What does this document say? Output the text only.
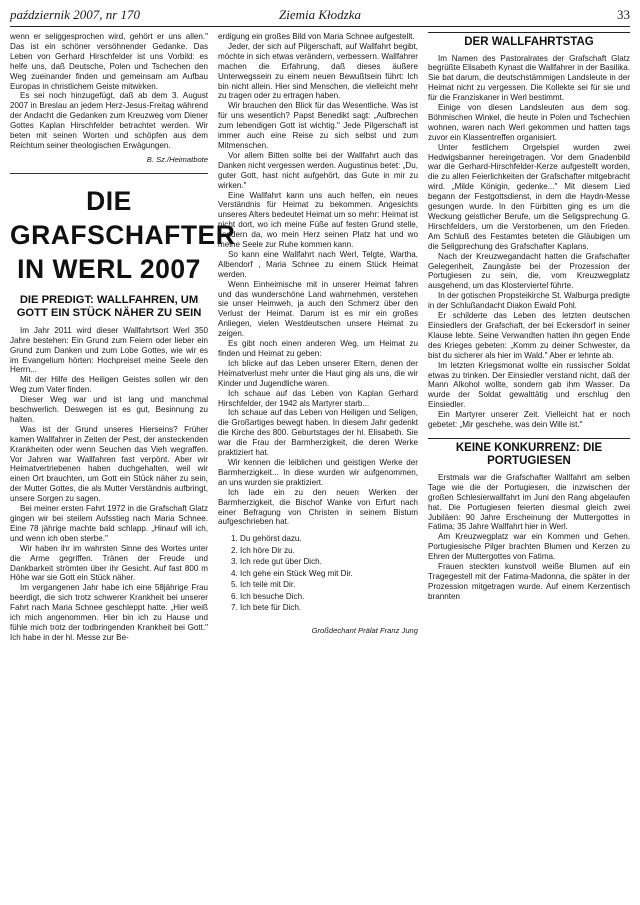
październik 2007, nr 170	Ziemia Kłodzka	33

wenn er seliggesprochen wird, gehört er uns allen." Das ist ein schöner versöhnender Gedanke. Das Leben von Gerhard Hirschfelder ist uns Vorbild: es helfe uns, daß Deutsche, Polen und Tschechen den Weg zueinander finden und gemeinsam am Aufbau Europas in christlichem Geiste mitwirken.

Es sei noch hinzugefügt, daß ab dem 3. August 2007 in Breslau an jedem Herz-Jesus-Freitag während der Andacht die Gedanken zum Kreuzweg vom Diener Gottes Kaplan Hirschfelder betrachtet werden. Wir beten mit seinen Worten und schöpfen aus dem Reichtum seiner theologischen Erwägungen.

B. Sz./Heimatbote
DIE GRAFSCHAFTER IN WERL 2007
DIE PREDIGT: WALLFAHREN, UM GOTT EIN STÜCK NÄHER ZU SEIN

Im Jahr 2011 wird dieser Wallfahrtsort Werl 350 Jahre bestehen: Ein Grund zum Feiern oder lieber ein Grund zum Danken und zum Lobe Gottes, wie wir es im Evangelium hörten: Hochpreiset meine Seele den Herrn...

Mit der Hilfe des Heiligen Geistes sollen wir den Weg zum Vater finden.

Dieser Weg war und ist lang und manchmal beschwerlich. Deswegen ist es gut, Besinnung zu halten.

Was ist der Grund unseres Hierseins? Früher kamen Wallfahrer in Zeiten der Pest, der ansteckenden Krankheiten oder wenn Seuchen das Vieh wegraffen. Vor Jahren war Wallfahren fast verpönt. Aber wir Heimatvertriebenen haben duchgehalten, weil wir einen Ort brauchten, um Gott ein Stück näher zu sein, der Mutter Gottes, die als Mutter Verständnis aufbringt, unsere Sorgen zu sagen.

Bei meiner ersten Fahrt 1972 in die Grafschaft Glatz gingen wir bei steilem Aufsstieg nach Maria Schnee. Eine 78 jährige machte bald schlapp. „Hinauf will ich, und wenn ich oben sterbe."

Wir haben ihr im wahrsten Sinne des Wortes unter die Arme gegriffen. Tränen der Freude und Dankbarkeit strömten über ihr Gesicht. Auf fast 800 m Höhe war sie Gott ein Stück näher.

Im vergangenen Jahr habe ich eine 58jährige Frau beerdigt, die sich trotz schwerer Krankheit bei unserer Fahrt nach Maria Schnee geschleppt hatte. „Hier weiß ich mich angenommen. Hier bin ich zu Hause und fühle mich trotz der todbringenden Krankheit bei Gott." Ich habe in der hl. Messe zur Be-

erdigung ein großes Bild von Maria Schnee aufgestellt.

Jeder, der sich auf Pilgerschaft, auf Wallfahrt begibt, möchte in sich etwas verändern, verbessern. Wallfahrer machen die Erfahrung, daß dieses äußere Unterwegssein zu einem neuen Bewußtsein führt: Ich bin nicht allein. Hier sind Menschen, die vielleicht mehr zu tragen oder zu ertragen haben.

Wir brauchen den Blick für das Wesentliche. Was ist für uns wesentlich? Papst Benedikt sagt: „Aufbrechen zum lebendigen Gott ist wichtig." Jede Pilgerschaft ist immer auch eine Reise zu sich selbst und zum Mitmenschen.

Vor allem Bitten sollte bei der Wallfahrt auch das Danken nicht vergessen werden. Augustinus betet: „Du, guter Gott, hast nicht aufgehört, das Gute in mir zu wirken."

Eine Wallfahrt kann uns auch helfen, ein neues Verständnis für Heimat zu bekommen. Angesichts unseres Alters bedeutet Heimat um so mehr: Heimat ist nicht dort, wo ich meine Füße auf festen Grund stelle, sondern da, wo mein Herz seinen Platz hat und wo meine Seele zur Ruhe kommen kann.

So kann eine Wallfahrt nach Werl, Telgte, Wartha, Albendorf , Maria Schnee zu einem Stück Heimat werden.

Wenn Einheimische mit in unserer Heimat fahren und das wunderschöne Land wahrnehmen, verstehen sie unser Heimweh, ja auch den Schmerz über den Verlust der Heimat. Darum ist es mir ein großes Anliegen, vielen Westdeutschen unsere Heimat zu zeigen.

Es gibt noch einen anderen Weg, um Heimat zu finden und Heimat zu geben:

Ich blicke auf das Leben unserer Eltern, denen der Heimatverlust mehr unter die Haut ging als uns, die wir Kinder und Jugendliche waren.

Ich schaue auf das Leben von Kaplan Gerhard Hirschfelder, der 1942 als Martyrer starb...

Ich schaue auf das Leben von Heiligen und Seligen, die Großartiges bewegt haben. In diesem Jahr gedenkt die Kirche des 800. Geburtstages der hl. Elisabeth. Sie war die Frau der Barmherzigkeit, die deren Werke praktiziert hat.

Wir kennen die leiblichen und geistigen Werke der Barmherzigkeit... In diese wurden wir aufgenommen, an uns wurden sie praktiziert.

Ich lade ein zu den neuen Werken der Barmherzigkeit, die Bischof Wanke von Erfurt nach einer Befragung von Christen in seinem Bistum aufgeschrieben hat.

1. Du gehörst dazu.
2. Ich höre Dir zu.
3. Ich rede gut über Dich.
4. Ich gehe ein Stück Weg mit Dir.
5. Ich teile mit Dir.
6. Ich besuche Dich.
7. Ich bete für Dich.
Großdechant Prälat Franz Jung
DER WALLFAHRTSTAG

Im Namen des Pastoralrates der Grafschaft Glatz begrüßte Elisabeth Kynast die Wallfahrer in der Basilika. Sie bat darum, die deutschstämmigen Landsleute in der Heimat nicht zu vergessen. Die Kollekte sei für sie und für die Franziskaner in Werl bestimmt.

Einige von diesen Landsleuten aus dem sog. Böhmischen Winkel, die heute in Polen und Tschechien wohnen, waren nach Werl gekommen und hatten tags zuvor ein Klassentreffen organisiert.

Unter festlichem Orgelspiel wurden zwei Hedwigsbanner hereingetragen. Vor dem Gnadenbild war die Gerhard-Hirschfelder-Kerze aufgestellt worden, die zu allen Feierlichkeiten der Grafschafter mitgebracht wird. „Milde Königin, gedenke..." Mit diesem Lied begann der Festgottsdienst, in dem die Haydn-Messe gesungen wurde. In den Fürbitten ging es um die Weckung geistlicher Berufe, um die Seligsprechung G. Hirschfelders, um die Verstorbenen, um den Frieden. Am Schluß des Festamtes beteten die Gläubigen um die Seligprechung des Grafschafter Kaplans.

Nach der Kreuzwegandacht hatten die Grafschafter Gelegenheit, Zaungäste bei der Prozession der Portugiesen zu sein, die, vom Kreuzwegplatz ausgehend, um das Klosterviertel führte.

In der gotischen Propsteikirche St. Walburga predigte in der Schlußandacht Diakon Ewald Pohl.

Er schilderte das Leben des letzten deutschen Einsiedlers der Grafschaft, der bei Eckersdorf in seiner Klause lebte. Seine Verwandten hatten ihn gegen Ende des Krieges gebeten: „Komm zu deiner Schwester, da bist du sicherer als hier im Wald." Aber er lehnte ab.

Im letzten Kriegsmonat wollte ein russischer Soldat etwas zu trinken. Der Einsiedler verstand nicht, daß der Mann Alkohol wollte, sondern gab ihm Wasser. Da wurde der Soldat gewalttätig und erschlug den Einsiedler.

Ein Martyrer unserer Zeit. Vielleicht hat er noch gebetet: „Mir geschehe, was dein Wille ist."

KEINE KONKURRENZ: DIE PORTUGIESEN

Erstmals war die Grafschafter Wallfahrt am selben Tage wie die der Portugiesen, die inzwischen der großen Schlesierwallfahrt im Juni den Rang abgelaufen hat. Die Portugiesen feierten diesmal gleich zwei Jubiläen: 90 Jahre Erscheinung der Muttergottes in Fatima; 35 Jahre Wallfahrt hier in Werl.

Am Kreuzwegplatz war ein Kommen und Gehen. Portugiesische Pilger brachten Blumen und Kerzen zu Ehren der Muttergottes von Fatima.

Frauen steckten kunstvoll weiße Blumen auf ein Tragegestell mit der Fatima-Madonna, die später in der Prozession mitgetragen wurde. Auf einem Kerzentisch brannten
